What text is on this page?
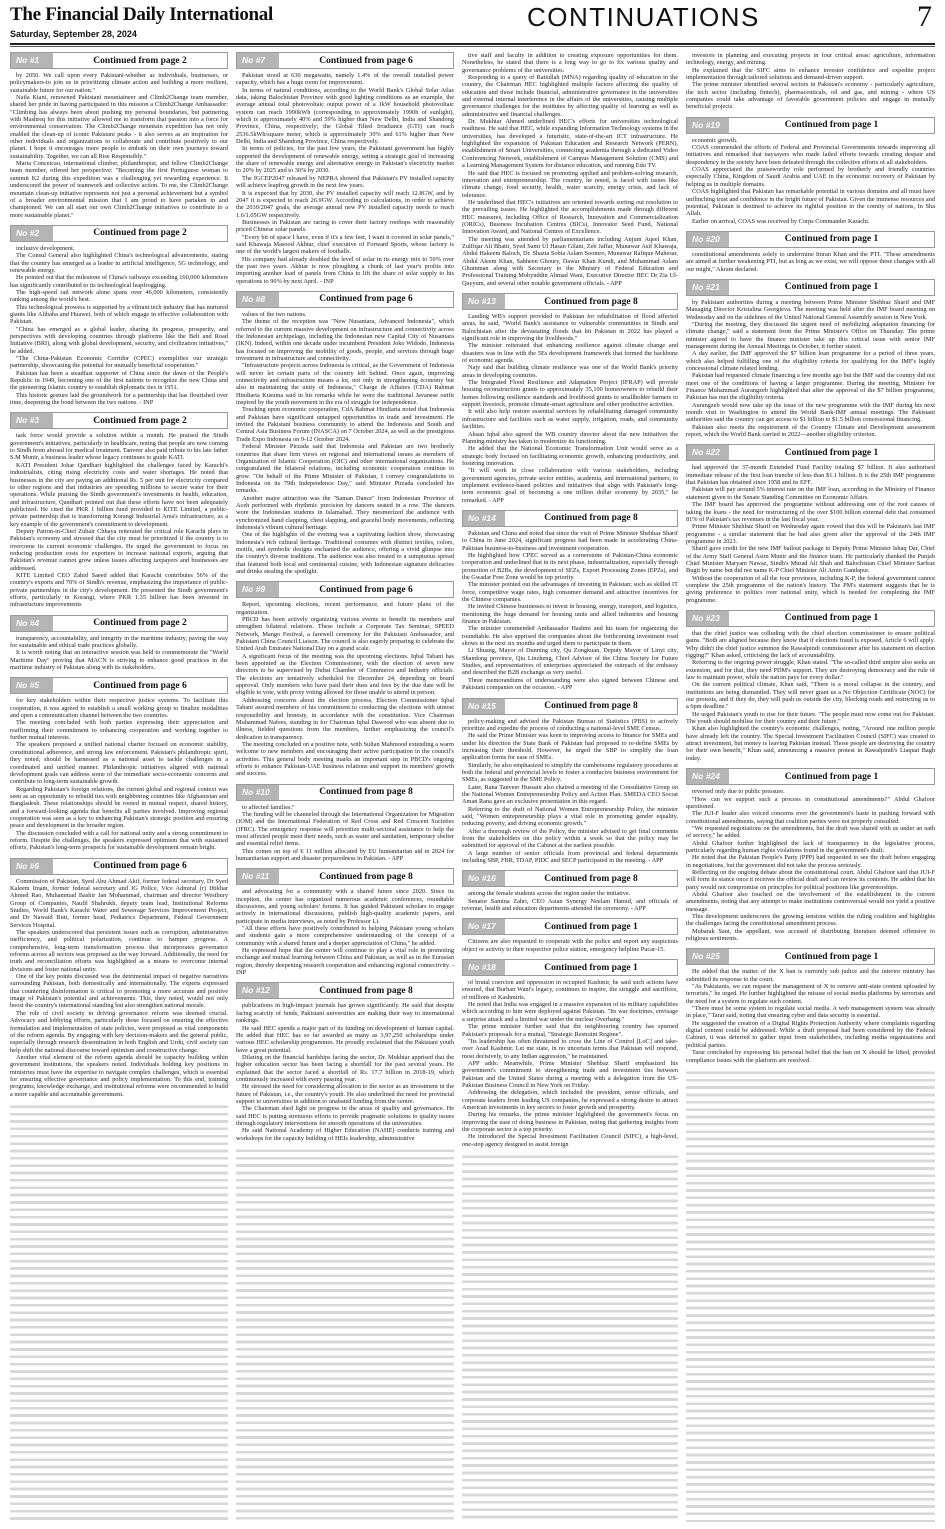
The Financial Daily International
Saturday, September 28, 2024
CONTINUATIONS	7
No #1	Continued from page 2

by 2050. We call upon every Pakistani-whether as individuals, businesses, or policymakers-to join us in prioritizing climate action and building a more resilient, sustainable future for our nation."

Naila Kiani, renowned Pakistani mountaineer and Climb2Change team member, shared her pride in having participated in this mission a Climb2Change Ambassador: "Climbing has always been about pushing my personal boundaries, but partnering with Mashreq for this initiative allowed me to transform that passion into a force for environmental conservation. The Climb2Change mountain expedition has not only enabled the clean-up of iconic Pakistani peaks - it also serves as an inspiration for other individuals and organizations to collaborate and contribute positively to our planet. I hope it encourages more people to embark on their own journeys toward sustainability. Together, we can all Rise Responsibly."

Maria Conceicao, international climber, philanthropist, and fellow Climb2Change team member, offered her perspective: "Becoming the first Portuguese woman to summit K2 during this expedition was a challenging yet rewarding experience. It underscored the power of teamwork and collective action. To me, the Climb2Change mountain clean-up initiative represents not just a personal achievement but a symbol of a broader environmental mission that I am proud to have partaken in and championed. We can all start our own Climb2Change initiatives to contribute to a more sustainable planet."

No #2	Continued from page 2

inclusive development.

The Consul General also highlighted China's technological advancements, stating that the country has emerged as a leader in artificial intelligence, 5G technology, and renewable energy.

He pointed out that the milestone of China's railways exceeding 160,000 kilometers has significantly contributed to its technological leapfrogging.

The high-speed rail network alone spans over 46,000 kilometers, consistently ranking among the world's best.

This technological prowess is supported by a vibrant tech industry that has nurtured giants like Alibaba and Huawei, both of which engage in effective collaboration with Pakistan.

"China has emerged as a global leader, sharing its progress, prosperity, and perspectives with developing countries through platforms like the Belt and Road Initiative (BRI), along with global development, security, and civilization initiatives," he added.

"The China-Pakistan Economic Corridor (CPEC) exemplifies our strategic partnership, showcasing the potential for mutually beneficial cooperation."

Pakistan has been a steadfast supporter of China since the dawn of the People's Republic in 1949, becoming one of the first nations to recognize the new China and the pioneering Islamic country to establish diplomatic ties in 1951.

This historic gesture laid the groundwork for a partnership that has flourished over time, deepening the bond between the two nations. - INP

No #3	Continued from page 2

task force would provide a solution within a month. He praised the Sindh government's initiatives, particularly in healthcare, noting that people are now coming to Sindh from abroad for medical treatment. Tanveer also paid tribute to his late father S.M Munir, a business leader whose legacy continues to guide KATI.

KATI President Johar Qandhari highlighted the challenges faced by Karachi's industrialists, citing rising electricity costs and water shortages. He noted that businesses in the city are paying an additional Rs. 5 per unit for electricity compared to other regions and that industries are spending millions to secure water for their operations. While praising the Sindh government's investments in health, education, and infrastructure, Qandhari pointed out that these efforts have not been adequately publicized. He cited the PKR 1 billion fund provided to KITE Limited, a public-private partnership that is transforming Korangi Industrial Area's infrastructure, as a key example of the government's commitment to development.

Deputy Patron-in-Chief Zubair Chhaya reiterated the critical role Karachi plays in Pakistan's economy and stressed that the city must be prioritized if the country is to overcome its current economic challenges. He urged the government to focus on reducing production costs for exporters to increase national exports, arguing that Pakistan's revenue cannot grow unless issues affecting taxpayers and businesses are addressed.

KITE Limited CEO Zahid Saeed added that Karachi contributes 56% of the country's exports and 70% of Sindh's revenue, emphasizing the importance of public-private partnerships in the city's development. He presented the Sindh government's efforts, particularly in Korangi, where PKR 1.35 billion has been invested in infrastructure improvements

No #4	Continued from page 2

transparency, accountability, and integrity in the maritime industry, paving the way for sustainable and ethical trade practices globally.

It is worth noting that an interactive session was held to commemorate the "World Maritime Day" proving that MACN is striving to enhance good practices in the maritime industry of Pakistan along with its stakeholders.

No #5	Continued from page 6

for key stakeholders within their respective justice systems. To facilitate this cooperation, it was agreed to establish a small working group to finalize modalities and open a communication channel between the two countries.

The meeting concluded with both parties expressing their appreciation and reaffirming their commitment to enhancing cooperation and working together to further mutual interests.

The speakers proposed a unified national charter focused on economic stability, constitutional adherence, and strong law enforcement. Pakistan's philanthropic spirit, they noted, should be harnessed as a national asset to tackle challenges in a coordinated and unified manner. Philanthropic initiatives aligned with national development goals can address some of the immediate socio-economic concerns and contribute to long-term sustainable growth.

Regarding Pakistan's foreign relations, the current global and regional context was seen as an opportunity to rebuild ties with neighboring countries like Afghanistan and Bangladesh. These relationships should be rooted in mutual respect, shared history, and a forward-looking agenda that benefits all parties involved. Improving regional cooperation was seen as a key to enhancing Pakistan's strategic position and ensuring peace and development in the broader region.

The discussion concluded with a call for national unity and a strong commitment to reform. Despite the challenges, the speakers expressed optimism that with sustained efforts, Pakistan's long-term prospects for sustainable development remain bright.

No #6	Continued from page 6

Commission of Pakistan, Syed Abu Ahmad Akif, former federal secretary, Dr Syed Kaleem Imam, former federal secretary and IG Police, Vice Admiral (r) Iftikhar Ahmed Rao, Muhammad Bashir Jan Mohammad, chairman and director Westbury Group of Companies, Naufil Shahrukh, deputy team lead, Institutional Reforms Studies, World Bank's Karachi Water and Sewerage Services Improvement Project, and Dr Nawaid Butt, former head, Pediatrics Department, Federal Government Services Hospital.

The speakers underscored that persistent issues such as corruption, administrative inefficiency, and political polarization, continue to hamper progress. A comprehensive, long-term transformation process that incorporates governance reforms across all sectors was proposed as the way forward. Additionally, the need for truth and reconciliation efforts was highlighted as a means to overcome internal divisions and foster national unity.

One of the key points discussed was the detrimental impact of negative narratives surrounding Pakistan, both domestically and internationally. The experts expressed that countering disinformation is critical to promoting a more accurate and positive image of Pakistan's potential and achievements. This, they noted, would not only boost the country's international standing but also strengthen national morale.

The role of civil society in driving governance reform was deemed crucial. Advocacy and lobbying efforts, particularly those focused on ensuring the effective formulation and implementation of state policies, were proposed as vital components of the reform agenda. By engaging with key decision-makers and the general public, especially through research dissemination in both English and Urdu, civil society can help shift the national discourse toward optimism and constructive change.

Another vital element of the reform agenda should be capacity building within government institutions, the speakers noted. Individuals holding key positions in ministries must have the expertise to navigate complex challenges, which is essential for ensuring effective governance and policy implementation. To this end, training programs, knowledge exchange, and institutional reforms were recommended to build a more capable and accountable government.

No #7	Continued from page 6

Pakistan stood at 630 megawatts, namely 1.4% of the overall installed power capacity, which has a huge room for improvement.

In terms of natural conditions, according to the World Bank's Global Solar Atlas data, taking Balochistan Province with good lighting conditions as an example, the average annual total photovoltaic output power of a 1kW household photovoltaic system can reach 1990kWh (corresponding to approximately 1990h of sunlight), which is approximately 40% and 59% higher than New Delhi, India and Shandong Province, China, respectively; the Global Tilted Irradiance (GTI) can reach 2536.5kWh/square meter, which is approximately 30% and 61% higher than New Delhi, India and Shandong Province, China respectively.

In terms of policies, for the past few years, the Pakistani government has highly supported the development of renewable energy, setting a strategic goal of increasing the share of renewable energy and alternative energy in Pakistan's electricity market to 20% by 2025 and to 30% by 2030.

The IGCEP2047 released by NEPRA showed that Pakistan's PV installed capacity will achieve leapfrog growth in the next few years.

It is expected that by 2030, the PV installed capacity will reach 12.8GW, and by 2047 it is expected to reach 26.9GW. According to calculations, in order to achieve the 2030/2047 goals, the average annual new PV installed capacity needs to reach 1.6/1.05GW respectively.

Businesses in Pakistan are racing to cover their factory rooftops with reasonably priced Chinese solar panels.

"Every bit of space I have, even if it's a few feet, I want it covered in solar panels," said Khawaja Masood Akhtar, chief executive of Forward Sports, whose factory is one of the world's largest makers of footballs.

His company had already doubled the level of solar in its energy mix to 50% over the past two years. Akhtar is now ploughing a chunk of last year's profits into importing another load of panels from China to lift the share of solar supply to his operations to 90% by next April. - INP

No #8	Continued from page 6

values of the two nations.

The theme of the reception was "New Nusantara, Advanced Indonesia", which referred to the current massive development on infrastructure and connectivity across the Indonesian archipelago, including the Indonesian new Capital City of Nusantara (IKN). Indeed, within one decade under incumbent President Joko Widodo, Indonesia has focused on improving the mobility of goods, people, and services through huge investment in infrastructure and connectivity.

"Infrastructure projects across Indonesia is critical, as the Government of Indonesia will never let certain parts of the country left behind. Once again, improving connectivity and infrastructure means a lot, not only in strengthening economy but also in maintaining the unity of Indonesia," Charge de Affaires (CDA) Rahmat Hindiarta Kusuma said in his remarks while he wore the traditional Javanese outfit inspired by the youth movement in the era of struggle for independence.

Touching upon economic cooperation, CdA Rahmat Hindiarta noted that Indonesia and Pakistan have significant untapped opportunities in trade and investment. He invited the Pakistani business community to attend the Indonesia and South and Central Asia Business Forum (INASCA) on 7 October 2024, as well as the prestigious Trade Expo Indonesia on 9-12 October 2024.

Federal Minister Pirzada said that Indonesia and Pakistan are two brotherly countries that share firm views on regional and international issues as members of Organization of Islamic Cooperation (OIC) and other international organizations. He congratulated the bilateral relations, including economic cooperation continue to grow. "On behalf of the Prime Minister of Pakistan, I convey congratulations to Indonesia on its 79th Independence Day," said Minister Pirzada concluded his remarks.

Another major attraction was the "Saman Dance" from Indonesian Province of Aceh performed with rhythmic precision by dancers seated in a row. The dancers wore the Indonesian students in Islamabad. They mesmerized the audience with synchronized hand clapping, chest slapping, and graceful body movements, reflecting Indonesia's vibrant cultural heritage.

One of the highlights of the evening was a captivating fashion show, showcasing Indonesia's rich cultural heritage. Traditional costumes with distinct textiles, colors, motifs, and symbolic designs enchanted the audience, offering a vivid glimpse into the country's diverse traditions. The audience was also treated to a sumptuous spread that featured both local and continental cuisine, with Indonesian signature delicacies and drinks stealing the spotlight.

No #9	Continued from page 6

Report, upcoming elections, recent performance, and future plans of the organization.

PBCD has been actively organizing various events to benefit its members and strengthen bilateral relations. These include a Corporate Tax Seminar, SPEED Network, Mango Festival, a farewell ceremony for the Pakistani Ambassador, and Pakistani China Council Liaison. The council is also eagerly preparing to celebrate the United Arab Emirates National Day on a grand scale.

A significant focus of the meeting was the upcoming elections. Iqbal Tabani has been appointed as the Election Commissioner, with the election of seven new directors to be supervised by Dubai Chamber of Commerce and Industry officials. The elections are tentatively scheduled for December 24, depending on board approval. Only members who have paid their dues and fees by the due date will be eligible to vote, with proxy voting allowed for those unable to attend in person.

Addressing concerns about the election process, Election Commissioner Iqbal Tabani assured members of his commitment to conducting the elections with utmost responsibility and honesty, in accordance with the constitution. Vice Chairman Muhammad Nafees, standing in for Chairman Iqbal Dawood who was absent due to illness, fielded questions from the members, further emphasizing the council's dedication to transparency.

The meeting concluded on a positive note, with Sultan Mahmood extending a warm welcome to new members and encouraging their active participation in the council's activities. This general body meeting marks an important step in PBCD's ongoing efforts to enhance Pakistan-UAE business relations and support its members' growth and success.

No #10	Continued from page 8

to affected families."

The funding will be channeled through the International Organization for Migration (IOM) and the International Federation of Red Cross and Red Crescent Societies (IFRC). The emergency response will prioritize multi-sectoral assistance to help the most affected people meet their needs, such as water and sanitation, temporary shelter and essential relief items.

This comes on top of € 11 million allocated by EU humanitarian aid in 2024 for humanitarian support and disaster preparedness in Pakistan. - APP

No #11	Continued from page 8

and advocating for a community with a shared future since 2020. Since its inception, the center has organized numerous academic conferences, roundtable discussions, and young scholars' forums. It has guided Pakistani scholars to engage actively in international discussions, publish high-quality academic papers, and participate in media interviews, as noted by Professor Li.

"All these efforts have positively contributed to helping Pakistani young scholars and students gain a more comprehensive understanding of the concept of a community with a shared future and a deeper appreciation of China," he added.

He expressed hope that the center will continue to play a vital role in promoting exchange and mutual learning between China and Pakistan, as well as in the Eurasian region, thereby deepening research cooperation and enhancing regional connectivity. - INP

No #12	Continued from page 8

publications in high-impact journals has grown significantly. He said that despite facing scarcity of funds, Pakistani universities are making their way to international rankings.

He said HEC spends a major part of its funding on development of human capital. He added that HEC has so far awarded as many as 3,97,250 scholarships under various HEC scholarship programmes. He proudly exclaimed that the Pakistani youth have a great potential.

Dilating on the financial hardships facing the sector, Dr. Mukhtar apprised that the higher education sector has been facing a shortfall for the past several years. He explained that the sector faced a shortfall of Rs. 17.7 billion in 2018-19, which continuously increased with every passing year.

He stressed the need for considering allocation to the sector as an investment in the future of Pakistan, i.e., the country's youth. He also underlined the need for provincial support to universities in addition to unabated funding from the centre.

The Chairman shed light on progress in the areas of quality and governance. He said HEC is putting strenuous efforts to provide pragmatic solutions to quality issues through regulatory interventions for smooth operations of the universities.

He said National Academy of Higher Education (NAHE) conducts training and workshops for the capacity building of HEIs leadership, administrative

tive staff and faculty in addition to creating exposure opportunities for them. Nonetheless, he stated that there is a long way to go to fix various quality and governance problems of the universities.

Responding to a query of Ratiullah (MNA) regarding quality of education in the country, the Chairman HEC highlighted multiple factors affecting the quality of education and those include financial, administrative governance in the universities and external internal interference in the affairs of the universities, causing multiple governance challenges for the institutes by affecting quality of learning as well as administrative and financial challenges.

Dr. Mukhtar Ahmed underlined HEC's efforts for universities technological readiness. He said that HEC, while expanding Information Technology systems in the universities, has developed a futuristic, state-of-the-art ICT infrastructure. He highlighted the expansion of Pakistan Education and Research Network (PERN), establishment of Smart Universities, connecting academia through a dedicated Video Conferencing Network, establishment of Campus Management Solution (CMS) and a Learning Management System for distance education, and running Edu TV.

He said that HEC is focused on promoting applied and problem-solving research, innovation and entrepreneurship. The country, he noted, is faced with issues like climate change, food security, health, water scarcity, energy crisis, and lack of tolerance.

He underlined that HEC's initiatives are oriented towards sorting out resolution to the prevailing issues. He highlighted the accomplishments made through different HEC measures, including Office of Research, Innovation and Commercialization (ORICs), Business Incubation Centres (BICs), Innovator Seed Fund, National Innovation Award, and National Centres of Excellence.

The meeting was attended by parliamentarians including Anjum Aqeel Khan, Zulfiqar Ali Bhatti, Syed Sami Ul Hasan Gilani, Zeb Jaffar, Munawar Asif Khawaja, Abdul Hakeem Baloch, Dr. Shazia Sobia Aslam Soomro, Munawar Rafique Mahesar, Abdul Aleem Khan, Sabheen Ghoury, Dawar Khan Kundi, and Muhammad Aslam Ghumman along with Secretary to the Ministry of Federal Education and Professional Training Mohyuddin Ahmad Wani, Executive Director HEC Dr Zia Ul-Qayyum, and several other notable government officials. - APP

No #13	Continued from page 8

Lauding WB's support provided to Pakistan for rehabilitation of flood affected areas, he said, "World Bank's assistance to vulnerable communities in Sindh and Balochistan after the devastating floods that hit Pakistan in 2022 has played a significant role in improving the livelihoods."

The minister reiterated that enhancing resilience against climate change and disasters was in line with the 5Es development framework that formed the backbone of economic agenda.

Najy said that building climate resilience was one of the World Bank's priority areas in developing countries.

The Integrated Flood Resilience and Adaptation Project (IFRAP) will provide housing reconstruction grants to approximately 35,100 homeowners to rebuild their homes following resilience standards and livelihood grants to smallholder farmers to support livestock, promote climate-smart agriculture and other productive activities.

It will also help restore essential services by rehabilitating damaged community infrastructure and facilities such as water supply, irrigation, roads, and community facilities.

Ahsan Iqbal also agreed the WB country director about the new initiatives the Planning ministry has taken to modernize its functioning.

He added that the National Economic Transformation Unit would serve as a strategic body focused on facilitating economic growth, enhancing productivity, and fostering innovation.

"It will work in close collaboration with various stakeholders, including government agencies, private sector entities, academia, and international partners, to implement evidence-based policies and initiatives that align with Pakistan's long-term economic goal of becoming a one trillion dollar economy by 2035," he remarked. - APP

No #14	Continued from page 8

Pakistan and China and noted that since the visit of Prime Minister Shehbaz Sharif to China in June 2024, significant progress had been made in accelerating China-Pakistan business-to-business and investment cooperation.

He highlighted how CPEC served as a cornerstone of Pakistan-China economic cooperation and underlined that in its next phase, industrialization, especially through promotion of B2Bs, the development of SEZs, Export Processing Zones (EPZs), and the Gwadar Free Zone would be top priority.

The minister pointed out the advantages of investing in Pakistan; such as skilled IT force, competitive wage rates, high consumer demand and attractive incentives for the Chinese companies.

He invited Chinese businesses to invest in housing, energy, transport, and logistics, mentioning the huge demand for housing units and allied industries and housing finance in Pakistan.

The minister commended Ambassador Hashmi and his team for organizing the roundtable. He also apprised the companies about the forthcoming investment road shows in the next six months and urged them to participate in them.

Li Shuang, Mayor of Dunning city, Qu Zongkuan, Deputy Mayor of Linyi city, Shandong province, Qiu Linzheng, Chief Advisor of the China Society for Future Studies, and representatives of enterprises appreciated the outreach of the embassy and described the B2B exchange as very useful.

Three memorandums of understanding were also signed between Chinese and Pakistani companies on the occasion. - APP

No #15	Continued from page 8

policy-making and advised the Pakistan Bureau of Statistics (PBS) to actively prioritize and expedite the process of conducting a national-level SME Census.

He said the Prime Minister was keen to improving access to finance for SMEs and under his direction the State Bank of Pakistan had proposed to re-define SMEs by increasing their threshold. However, he urged the SBP to simplify the loan application forms for ease of SMEs.

Similarly, he also emphasized to simplify the cumbersome regulatory procedures at both the federal and provincial levels to foster a conducive business environment for SMEs, as suggested in the SME Policy.

Later, Rana Tanveer Hussain also chaired a meeting of the Consultative Group on the National Women Entrepreneurship Policy and Action Plan. SMEDA CEO Socrat Aman Rana gave an exclusive presentation in this regard.

Referring to the draft of National Women Entrepreneurship Policy, the minister said, "Women entrepreneurship plays a vital role in promoting gender equality, reducing poverty, and driving economic growth."

After a thorough review of the Policy, the minister advised to get final comments from the stakeholders on this policy within a week so that the policy may be submitted for approval of the Cabinet at the earliest possible.

A large number of senior officials from provincial and federal departments including SBP, FBR, TDAP, PIDC and SECP participated in the meeting. - APP

No #16	Continued from page 8

among the female students across the region under the initiative.

Senator Samina Zahri, CEO Asian Synergy Neelam Hamid, and officials of revenue, health and education departments attended the ceremony. - APP

No #17	Continued from page 1

Citizens are also requested to cooperate with the police and report any suspicious object or activity to their respective police station, emergency helpline Pucar-15.

No #18	Continued from page 1

of brutal coercion and oppression in occupied Kashmir, he said such actions have ensured, that Burhan Wani's legacy, continues to inspire, the struggle and sacrifices, of millions of Kashmiris.

He noted that India was engaged in a massive expansion of its military capabilities which according to him were deployed against Pakistan. "Its war doctrines, envisage a surprise attack and a limited war under the nuclear Overhang."

The prime minister further said that the neighbouring country has spurned Pakistan's proposals for a mutual, "Strategic Restraint Regime".

"Its leadership has often threatened to cross the Line of Control [LoC] and take-over Azad Kashmir. Let me state, in no uncertain terms that Pakistan will respond, most decisively, to any Indian aggression," he maintained.

APP adds: Meanwhile, Prime Minister Shehbaz Sharif emphasized his government's commitment to strengthening trade and investment ties between Pakistan and the United States during a meeting with a delegation from the US-Pakistan Business Council in New York on Friday.

Addressing the delegation, which included the president, senior officials, and corporate leaders from leading US companies, he expressed a strong desire to attract American investments in key sectors to foster growth and prosperity.

During his remarks, the prime minister highlighted the government's focus on improving the ease of doing business in Pakistan, noting that gathering insights from the corporate sector is a top priority.

He introduced the Special Investment Facilitation Council (SIFC), a high-level, one-stop agency designed to assist foreign

investors in planning and executing projects in four critical areas: agriculture, information technology, energy, and mining.

He explained that the SIFC aims to enhance investor confidence and expedite project implementation through tailored solutions and demand-driven support.

The prime minister identified several sectors in Pakistan's economy - particularly agriculture, the tech sector (including fintech), pharmaceuticals, oil and gas, and mining - where US companies could take advantage of favorable government policies and engage in mutually beneficial projects.

No #19	Continued from page 1

economic growth.

COAS commended the efforts of Federal and Provincial Governments towards improving all initiatives and remarked that naysayers who made failed efforts towards creating despair and despondency in the society have been defeated through the collective efforts of all stakeholders.

COAS appreciated the praiseworthy role performed by brotherly and friendly countries especially China, Kingdom of Saudi Arabia and UAE in the economic recovery of Pakistan by helping us in multiple domains.

COAS highlighted that Pakistan has remarkable potential in various domains and all must have unflinching trust and confidence in the bright future of Pakistan. Given the immense resources and potential, Pakistan is destined to achieve its rightful position in the comity of nations, In Sha Allah.

Earlier on arrival, COAS was received by Corps Commander Karachi.

No #20	Continued from page 1

constitutional amendments solely to undermine Imran Khan and the PTI. "These amendments are aimed at further weakening PTI, but as long as we exist, we will oppose these changes with all our might," Akram declared.

No #21	Continued from page 1

by Pakistani authorities during a meeting between Prime Minister Shehbaz Sharif and IMF Managing Director Kristalina Georgieva. The meeting was held after the IMF board meeting on Wednesday and on the sidelines of the United National General Assembly session in New York.

"During the meeting, they discussed the urgent need of mobilizing adaptation financing for climate change," said a statement from the Prime Minister's Office on Thursday. The prime minister agreed to have the finance minister take up this critical issue with senior IMF management during the Annual Meetings in October, it further stated.

A day earlier, the IMF approved the $7 billion loan programme for a period of three years, which also helped fulfilling one of the eligibility criteria for qualifying for the IMF's highly concessional climate related lending.

Pakistan had requested climate financing a few months ago but the IMF said the country did not meet one of the conditions of having a larger programme. During the meeting, Minister for Finance Muhammad Aurangzeb highlighted that after the approval of the $7 billion programme, Pakistan has met the eligibility criteria.

Aurangzeb would now take up the issue of the new programme with the IMF during his next month visit to Washington to attend the World Bank-IMF annual meetings. The Pakistani authorities said the country can get access to $1 billion to $1.5 billion concessional financing.

Pakistan also meets the requirement of the Country Climate and Development assessment report, which the World Bank carried in 2022—another eligibility criterion.

No #22	Continued from page 1

had approved the 37-month Extended Fund Facility totaling $7 billion. It also authorised immediate release of the first loan tranche of less than $1.1 billion. It is the 25th IMF programme that Pakistan has obtained since 1958 and its EFF.

Pakistan will pay around 5% interest rate on the IMF loan, according to the Ministry of Finance statement given to the Senate Standing Committee on Economic Affairs.

The IMF board has approved the programme without addressing one of the root causes of taking the loans - the need for restructuring of the over $100 billion external debt that consumed 81% of Pakistan's tax revenues in the last fiscal year.

Prime Minister Shehbaz Sharif on Wednesday again vowed that this will be Pakistan's last IMF programme - a similar statement that he had also given after the approval of the 24th IMF programme in 2023.

Sharif gave credit for the new IMF bailout package to Deputy Prime Minister Ishaq Dar, Chief of the Army Staff General Asim Munir and the finance team. He particularly thanked the Punjab Chief Minister Maryam Nawaz, Sindh's Murad Ali Shah and Balochistan Chief Minister Sarfraz Bugti by name but did not name K-P Chief Minister Ali Amin Gandapur.

Without the cooperation of all the four provinces, including K-P, the federal government cannot complete the 25th programme of the nation's history. The PM's statement suggests that he is giving preference to politics over national unity, which is needed for completing the IMF programme.

No #23	Continued from page 1

that the chief justice was colluding with the chief election commissioner to ensure political gains. "Both are aligned because they know that if elections fraud is exposed, Article 6 will apply. Why didn't the chief justice summon the Rawalpindi commissioner after his statement on election rigging?" Khan asked, criticising the lack of accountability.

Referring to the ongoing power struggle, Khan stated. "The so-called third umpire also seeks an extension, and for that, they need PDM's support. They are destroying democracy and the rule of law to maintain power, while the nation pays for every dollar."

On the current political climate, Khan said, "There is a moral collapse in the country, and institutions are being dismantled. They will never grant us a No Objection Certificate (NOC) for our protests, and if they do, they will push us outside the city, blocking roads and restricting us to a 6pm deadline."

He urged Pakistan's youth to rise for their future. "The people must now come out for Pakistan. The youth should mobilise for their country and their future."

Khan also highlighted the country's economic challenges, noting, "Around one million people have already left the country. The Special Investment Facilitation Council (SIFC) was created to attract investment, but money is leaving Pakistan instead. Those people are destroying the country for their own benefit," Khan said, announcing a massive protest in Rawalpindi's Liaquat Bagh today.

No #24	Continued from page 1

reversed only due to public pressure.

"How can we support such a process in constitutional amendments?" Abdul Ghafoor questioned.

The JUI-F leader also voiced concerns over the government's haste in pushing forward with constitutional amendments, saying that coalition parties were not properly consulted.

"We requested negotiations on the amendments, but the draft was shared with us under an oath of secrecy," he added.

Abdul Ghafoor further highlighted the lack of transparency in the legislative process, particularly regarding human rights violations found in the government's draft.

He noted that the Pakistan People's Party (PPP) had requested to see the draft before engaging in negotiations, but the government did not take the process seriously.

Reflecting on the ongoing debate about the constitutional court, Abdul Ghafoor said that JUI-F will form its stance once it receives the official draft and can review its contents. He added that his party would not compromise on principles for political positions like governorships.

Abdul Ghafoor also touched on the involvement of the establishment in the current amendments, noting that any attempt to make institutions controversial would not yield a positive message.

This development underscores the growing tensions within the ruling coalition and highlights the challenges facing the constitutional amendment process.

Mubarak Sani, the appellant, was accused of distributing literature deemed offensive to religious sentiments.

No #25	Continued from page 1

He added that the matter of the X ban is currently sub judice and the interior ministry has submitted its response to the court.

"As Pakistanis, we can request the management of X to remove anti-state content uploaded by terrorists," he urged. He further highlighted the misuse of social media platforms by terrorists and the need for a system to regulate such content.

"There must be some system to regulate social media. A web management system was already in place," Tarar said, noting that ensuring cyber and data security is essential.

He suggested the creation of a Digital Rights Protection Authority where complaints regarding digital content could be addressed. While a draft proposal had been considered by the Federal Cabinet, it was deferred to gather input from stakeholders, including media organisations and political parties.

Tarar concluded by expressing his personal belief that the ban on X should be lifted, provided compliance issues with the platform are resolved.
